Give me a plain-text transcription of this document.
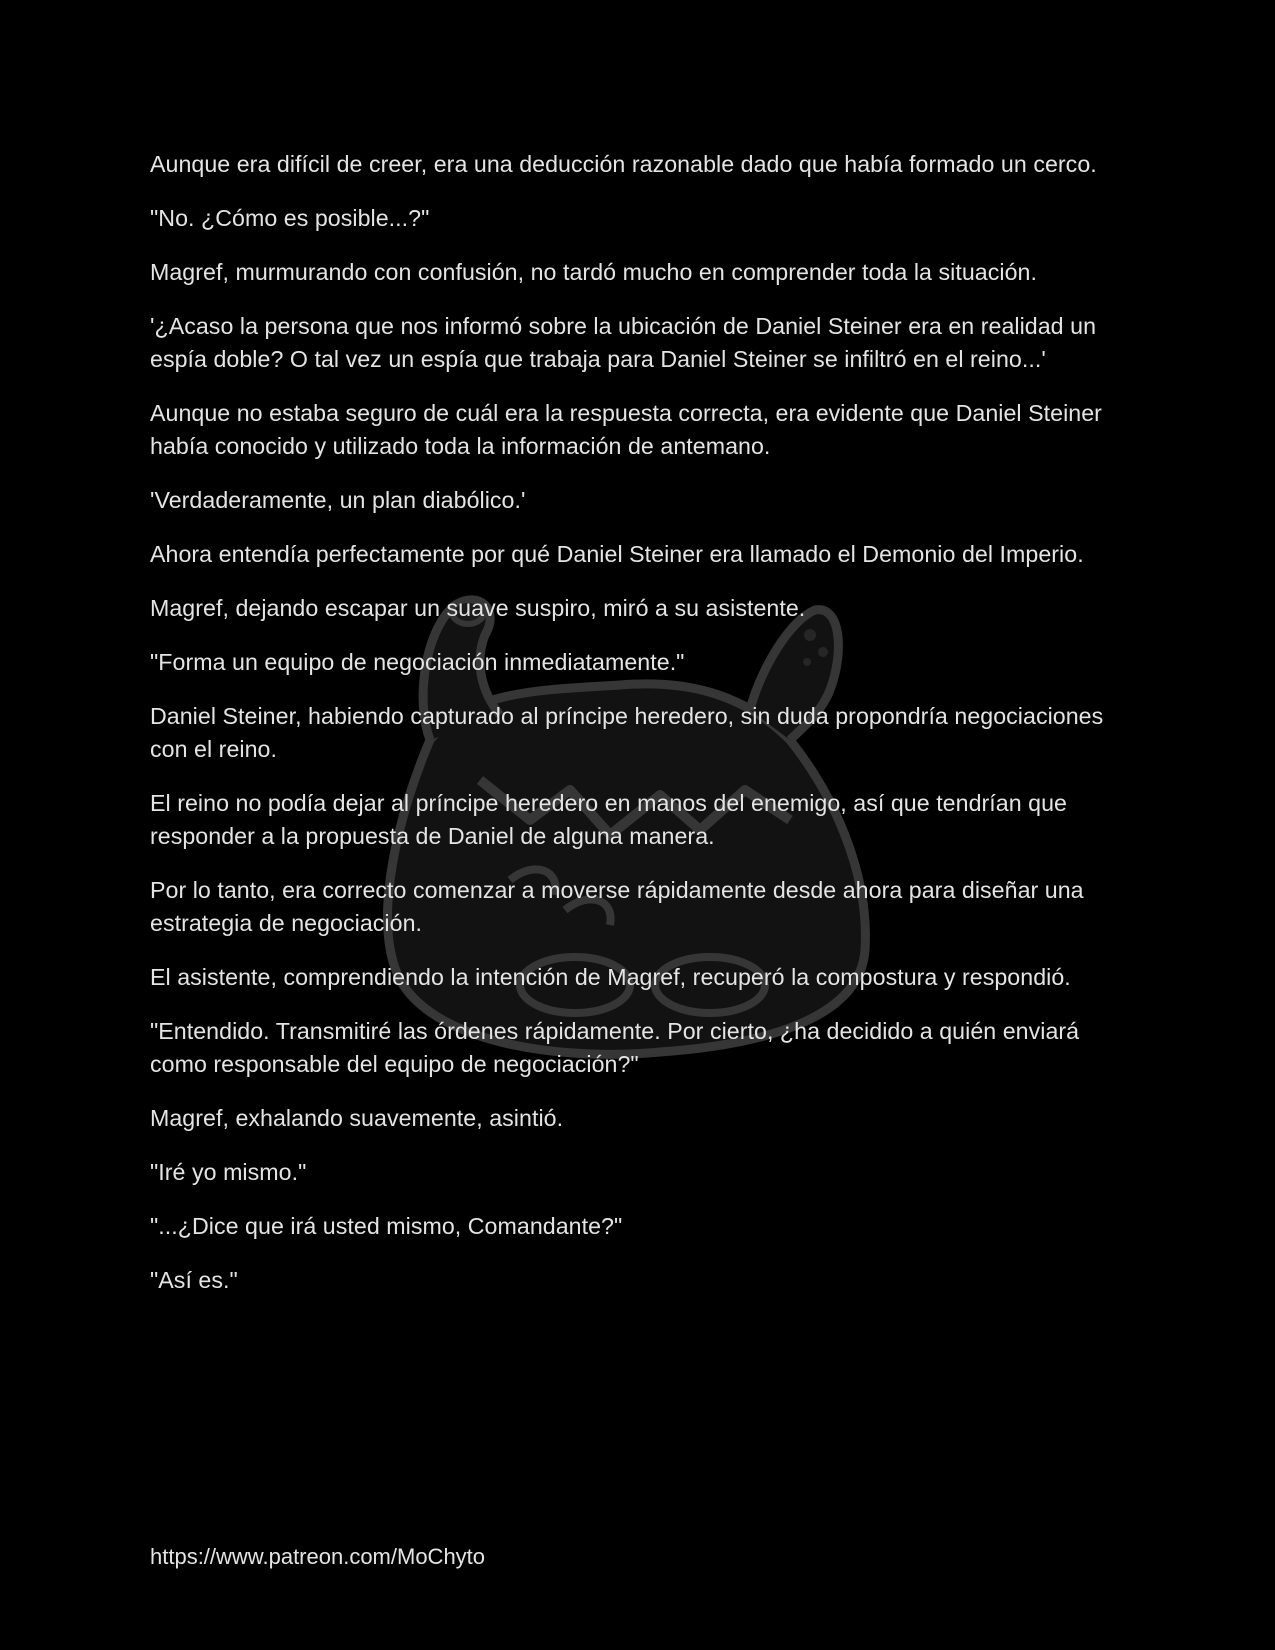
Aunque era difícil de creer, era una deducción razonable dado que había formado un cerco.

"No. ¿Cómo es posible...?"

Magref, murmurando con confusión, no tardó mucho en comprender toda la situación.

'¿Acaso la persona que nos informó sobre la ubicación de Daniel Steiner era en realidad un espía doble? O tal vez un espía que trabaja para Daniel Steiner se infiltró en el reino...'

Aunque no estaba seguro de cuál era la respuesta correcta, era evidente que Daniel Steiner había conocido y utilizado toda la información de antemano.

'Verdaderamente, un plan diabólico.'

Ahora entendía perfectamente por qué Daniel Steiner era llamado el Demonio del Imperio.

Magref, dejando escapar un suave suspiro, miró a su asistente.

"Forma un equipo de negociación inmediatamente."

Daniel Steiner, habiendo capturado al príncipe heredero, sin duda propondría negociaciones con el reino.

El reino no podía dejar al príncipe heredero en manos del enemigo, así que tendrían que responder a la propuesta de Daniel de alguna manera.

Por lo tanto, era correcto comenzar a moverse rápidamente desde ahora para diseñar una estrategia de negociación.

El asistente, comprendiendo la intención de Magref, recuperó la compostura y respondió.

"Entendido. Transmitiré las órdenes rápidamente. Por cierto, ¿ha decidido a quién enviará como responsable del equipo de negociación?"

Magref, exhalando suavemente, asintió.

"Iré yo mismo."

"...¿Dice que irá usted mismo, Comandante?"

"Así es."

https://www.patreon.com/MoChyto
